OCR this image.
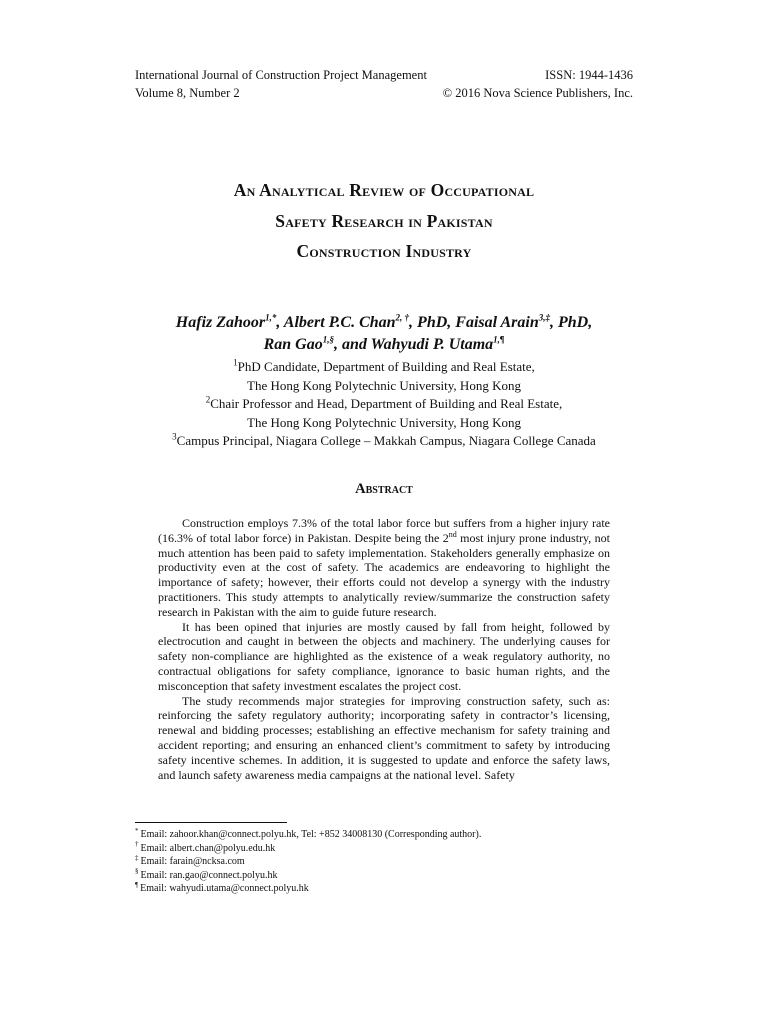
International Journal of Construction Project Management	ISSN: 1944-1436
Volume 8, Number 2	© 2016 Nova Science Publishers, Inc.
An Analytical Review of Occupational
Safety Research in Pakistan
Construction Industry
Hafiz Zahoor$^{1,*}$, Albert P.C. Chan$^{2, \dagger}$, PhD, Faisal Arain$^{3,\ddagger}$, PhD,
Ran Gao$^{1,\S}$, and Wahyudi P. Utama$^{1,\P}$
$^1$PhD Candidate, Department of Building and Real Estate,
The Hong Kong Polytechnic University, Hong Kong
$^2$Chair Professor and Head, Department of Building and Real Estate,
The Hong Kong Polytechnic University, Hong Kong
$^3$Campus Principal, Niagara College – Makkah Campus, Niagara College Canada
Abstract

Construction employs 7.3% of the total labor force but suffers from a higher injury rate (16.3% of total labor force) in Pakistan. Despite being the 2nd most injury prone industry, not much attention has been paid to safety implementation. Stakeholders generally emphasize on productivity even at the cost of safety. The academics are endeavoring to highlight the importance of safety; however, their efforts could not develop a synergy with the industry practitioners. This study attempts to analytically review/summarize the construction safety research in Pakistan with the aim to guide future research.

It has been opined that injuries are mostly caused by fall from height, followed by electrocution and caught in between the objects and machinery. The underlying causes for safety non-compliance are highlighted as the existence of a weak regulatory authority, no contractual obligations for safety compliance, ignorance to basic human rights, and the misconception that safety investment escalates the project cost.

The study recommends major strategies for improving construction safety, such as: reinforcing the safety regulatory authority; incorporating safety in contractor’s licensing, renewal and bidding processes; establishing an effective mechanism for safety training and accident reporting; and ensuring an enhanced client’s commitment to safety by introducing safety incentive schemes. In addition, it is suggested to update and enforce the safety laws, and launch safety awareness media campaigns at the national level. Safety

* Email: zahoor.khan@connect.polyu.hk, Tel: +852 34008130 (Corresponding author).
† Email: albert.chan@polyu.edu.hk
‡ Email: farain@ncksa.com
§ Email: ran.gao@connect.polyu.hk
¶ Email: wahyudi.utama@connect.polyu.hk
